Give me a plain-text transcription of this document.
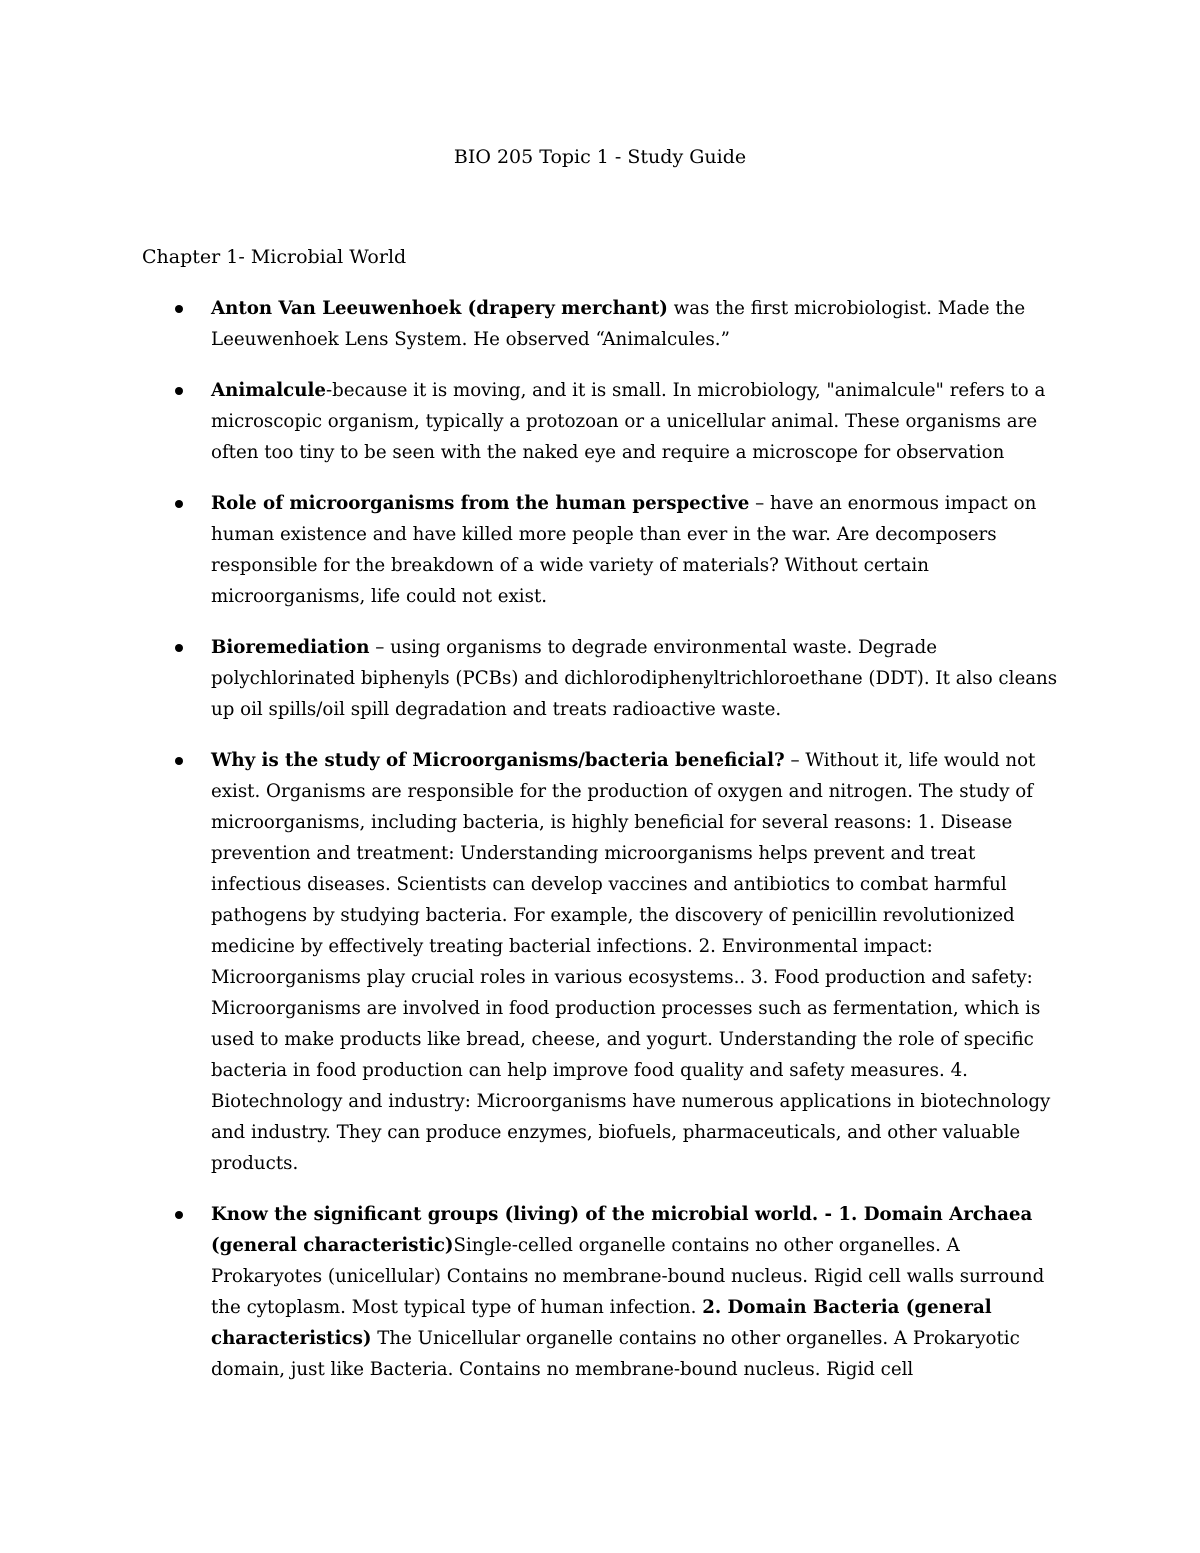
BIO 205 Topic 1 - Study Guide
Chapter 1- Microbial World
Anton Van Leeuwenhoek (drapery merchant) was the first microbiologist. Made the Leeuwenhoek Lens System. He observed “Animalcules.”
Animalcule-because it is moving, and it is small. In microbiology, "animalcule" refers to a microscopic organism, typically a protozoan or a unicellular animal. These organisms are often too tiny to be seen with the naked eye and require a microscope for observation
Role of microorganisms from the human perspective – have an enormous impact on human existence and have killed more people than ever in the war. Are decomposers responsible for the breakdown of a wide variety of materials? Without certain microorganisms, life could not exist.
Bioremediation – using organisms to degrade environmental waste. Degrade polychlorinated biphenyls (PCBs) and dichlorodiphenyltrichloroethane (DDT). It also cleans up oil spills/oil spill degradation and treats radioactive waste.
Why is the study of Microorganisms/bacteria beneficial? – Without it, life would not exist. Organisms are responsible for the production of oxygen and nitrogen. The study of microorganisms, including bacteria, is highly beneficial for several reasons: 1. Disease prevention and treatment: Understanding microorganisms helps prevent and treat infectious diseases. Scientists can develop vaccines and antibiotics to combat harmful pathogens by studying bacteria. For example, the discovery of penicillin revolutionized medicine by effectively treating bacterial infections. 2. Environmental impact: Microorganisms play crucial roles in various ecosystems.. 3. Food production and safety: Microorganisms are involved in food production processes such as fermentation, which is used to make products like bread, cheese, and yogurt. Understanding the role of specific bacteria in food production can help improve food quality and safety measures. 4. Biotechnology and industry: Microorganisms have numerous applications in biotechnology and industry. They can produce enzymes, biofuels, pharmaceuticals, and other valuable products.
Know the significant groups (living) of the microbial world. - 1. Domain Archaea (general characteristic)Single-celled organelle contains no other organelles. A Prokaryotes (unicellular) Contains no membrane-bound nucleus. Rigid cell walls surround the cytoplasm. Most typical type of human infection. 2. Domain Bacteria (general characteristics) The Unicellular organelle contains no other organelles. A Prokaryotic domain, just like Bacteria. Contains no membrane-bound nucleus. Rigid cell
